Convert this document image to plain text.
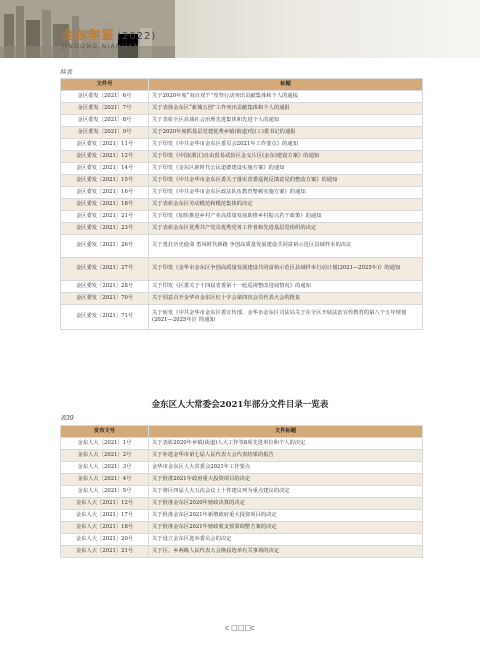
金东年鉴 (2022)
JINDONG NIANJIAN
续表
文件号	标题
金区委发〔2021〕6号	关于2020年度“双百双千”攻坚行动突出贡献集体和个人的通报
金区委发〔2021〕7号	关于表扬金东区“新城五创”工作突出贡献集体和个人的通报
金区委发〔2021〕8号	关于表彰全区县域社会治理先进集体和先进个人的通知
金区委发〔2021〕9号	关于2020年度抓基层党建优秀乡镇(街道)党(工)委书记的通报
金区委发〔2021〕11号	关于印发《中共金华市金东区委员会2021年工作要点》的通知
金区委发〔2021〕12号	关于印发《中国(浙江)自由贸易试验区金义片区(金东)建设方案》的通知
金区委发〔2021〕14号	关于印发《金东区新时代公民道德建设实施方案》的通知
金区委发〔2021〕15号	关于印发《中共金华市金东区委关于落实省委巡视反馈意见的整改方案》的通知
金区委发〔2021〕16号	关于印发《中共金华市金东区政法队伍教育整顿实施方案》的通知
金区委发〔2021〕18号	关于表彰金东区劳动模范和模范集体的决定
金区委发〔2021〕21号	关于印发《加快推进乡村产业高质量发展助推乡村振兴若干政策》的通知
金区委发〔2021〕23号	关于表彰金东区优秀共产党员优秀党务工作者和先进基层党组织的决定
金区委发〔2021〕26号	关于勇扛历史使命 勇闯时代新路 争创高质量发展建设共同富裕示范区县域样本的决议
金区委发〔2021〕27号	关于印发《金华市金东区争创高质量发展建设共同富裕示范区县域样本行动计划(2021—2025年)》的通知
金区委发〔2021〕28号	关于印发《区委关于十四届省委第十一轮巡视整改进展情况》的通知
金区委发〔2021〕70号	关于同意召开金华市金东区红十字会第四次会员代表大会的批复
金区委发〔2021〕71号	关于转发《中共金华市金东区委宣传部、金华市金东区司法局关于在全区开展法治宣传教育的第八个五年规划(2021—2025年)》的通知
金东区人大常委会2021年部分文件目录一览表
表39
发布文号	文件标题
金东人大〔2021〕1号	关于表彰2020年乡镇(街道)人大工作等8项先进单位和个人的决定
金东人大〔2021〕2号	关于补选金华市第七届人民代表大会代表结果的报告
金东人大〔2021〕3号	金华市金东区人大常委会2021年工作要点
金东人大〔2021〕4号	关于批准2021年政府重大投资项目的决定
金东人大〔2021〕5号	关于将区四届人大五次会议上十件建议列为重点建议的决定
金东人大〔2021〕12号	关于批准金东区2020年财政决算的决定
金东人大〔2021〕17号	关于批准金东区2021年新增政府重大投资项目的决定
金东人大〔2021〕18号	关于批准金东区2021年财政收支预算调整方案的决定
金东人大〔2021〕20号	关于设立金东区选举委员会的决定
金东人大〔2021〕21号	关于区、乡两级人民代表大会换届选举有关事项的决定
c □□□c
